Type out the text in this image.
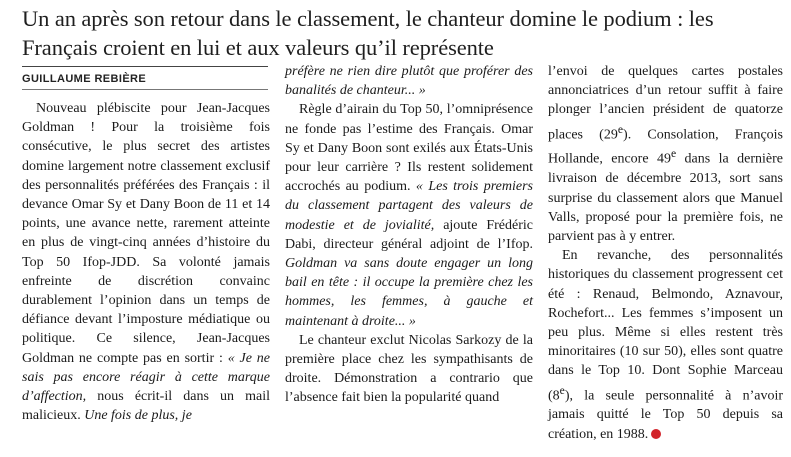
Un an après son retour dans le classement, le chanteur domine le podium : les Français croient en lui et aux valeurs qu’il représente
GUILLAUME REBIÈRE

Nouveau plébiscite pour Jean-Jacques Goldman ! Pour la troisième fois consécutive, le plus secret des artistes domine largement notre classement exclusif des personnalités préférées des Français : il devance Omar Sy et Dany Boon de 11 et 14 points, une avance nette, rarement atteinte en plus de vingt-cinq années d’histoire du Top 50 Ifop-JDD. Sa volonté jamais enfreinte de discrétion convainc durablement l’opinion dans un temps de défiance devant l’imposture médiatique ou politique. Ce silence, Jean-Jacques Goldman ne compte pas en sortir : « Je ne sais pas encore réagir à cette marque d’affection, nous écrit-il dans un mail malicieux. Une fois de plus, je

préfère ne rien dire plutôt que proférer des banalités de chanteur... »

Règle d’airain du Top 50, l’omniprésence ne fonde pas l’estime des Français. Omar Sy et Dany Boon sont exilés aux États-Unis pour leur carrière ? Ils restent solidement accrochés au podium. « Les trois premiers du classement partagent des valeurs de modestie et de jovialité, ajoute Frédéric Dabi, directeur général adjoint de l’Ifop. Goldman va sans doute engager un long bail en tête : il occupe la première chez les hommes, les femmes, à gauche et maintenant à droite... »

Le chanteur exclut Nicolas Sarkozy de la première place chez les sympathisants de droite. Démonstration a contrario que l’absence fait bien la popularité quand

l’envoi de quelques cartes postales annonciatrices d’un retour suffit à faire plonger l’ancien président de quatorze places (29e). Consolation, François Hollande, encore 49e dans la dernière livraison de décembre 2013, sort sans surprise du classement alors que Manuel Valls, proposé pour la première fois, ne parvient pas à y entrer.

En revanche, des personnalités historiques du classement progressent cet été : Renaud, Belmondo, Aznavour, Rochefort... Les femmes s’imposent un peu plus. Même si elles restent très minoritaires (10 sur 50), elles sont quatre dans le Top 10. Dont Sophie Marceau (8e), la seule personnalité à n’avoir jamais quitté le Top 50 depuis sa création, en 1988.
